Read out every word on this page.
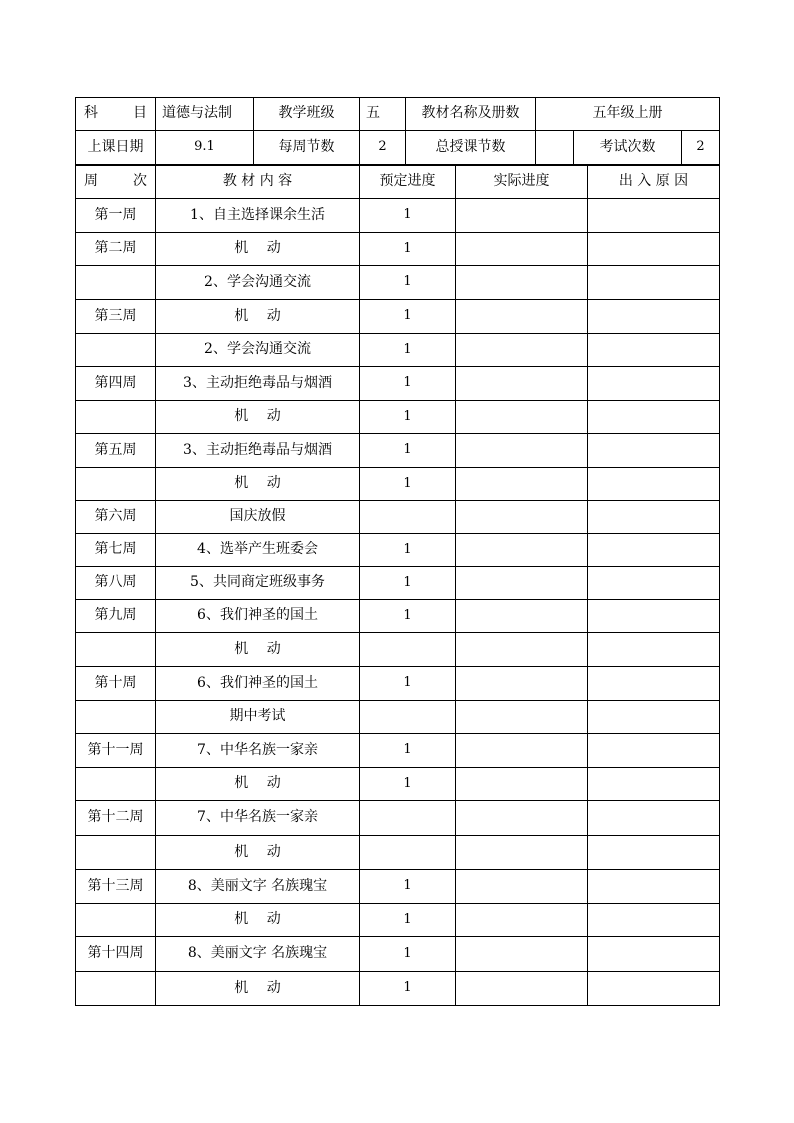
科 目	道德与法制	教学班级	五	教材名称及册数	五年级上册		
上课日期	9.1	每周节数	2	总授课节数		考试次数	2
周 次	教 材 内 容	预定进度	实际进度	出 入 原 因
第一周	1、自主选择课余生活	1		
第二周	机　 动	1		
	2、学会沟通交流	1		
第三周	机　 动	1		
	2、学会沟通交流	1		
第四周	3、主动拒绝毒品与烟酒	1		
	机　 动	1		
第五周	3、主动拒绝毒品与烟酒	1		
	机　 动	1		
第六周	国庆放假			
第七周	4、选举产生班委会	1		
第八周	5、共同商定班级事务	1		
第九周	6、我们神圣的国土	1		
	机　 动			
第十周	6、我们神圣的国土	1		
	期中考试			
第十一周	7、中华名族一家亲	1		
	机　 动	1		
第十二周	7、中华名族一家亲			
	机　 动			
第十三周	8、美丽文字 名族瑰宝	1		
	机　 动	1		
第十四周	8、美丽文字 名族瑰宝	1		
	机　 动	1		
